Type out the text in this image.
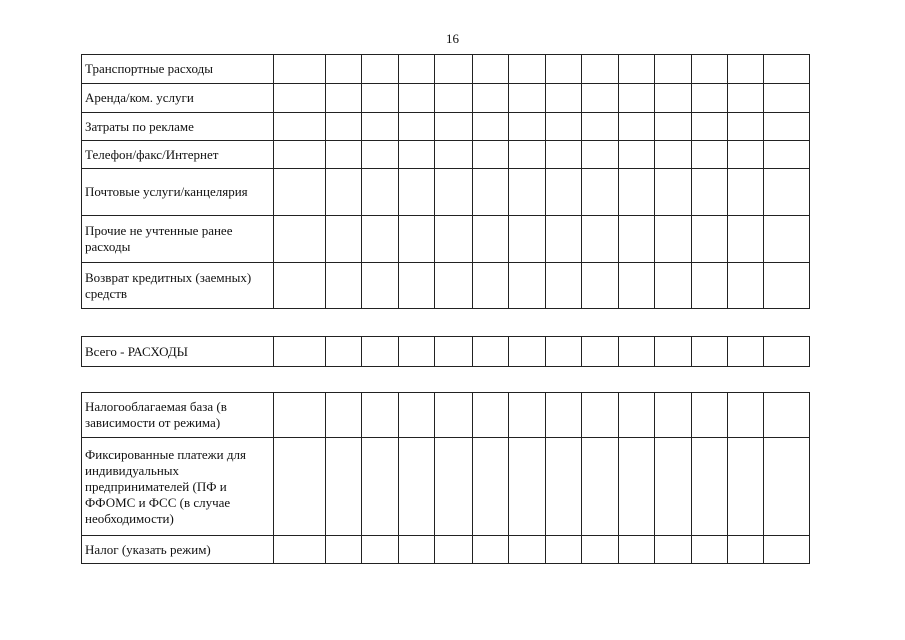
16
Транспортные расходы														
Аренда/ком. услуги														
Затраты по рекламе														
Телефон/факс/Интернет														
Почтовые услуги/канцелярия														
Прочие не учтенные ранее расходы														
Возврат кредитных (заемных) средств														
Всего - РАСХОДЫ														
Налогооблагаемая база (в зависимости от режима)														
Фиксированные платежи для индивидуальных предпринимателей (ПФ и ФФОМС и ФСС (в случае необходимости)														
Налог (указать режим)														
